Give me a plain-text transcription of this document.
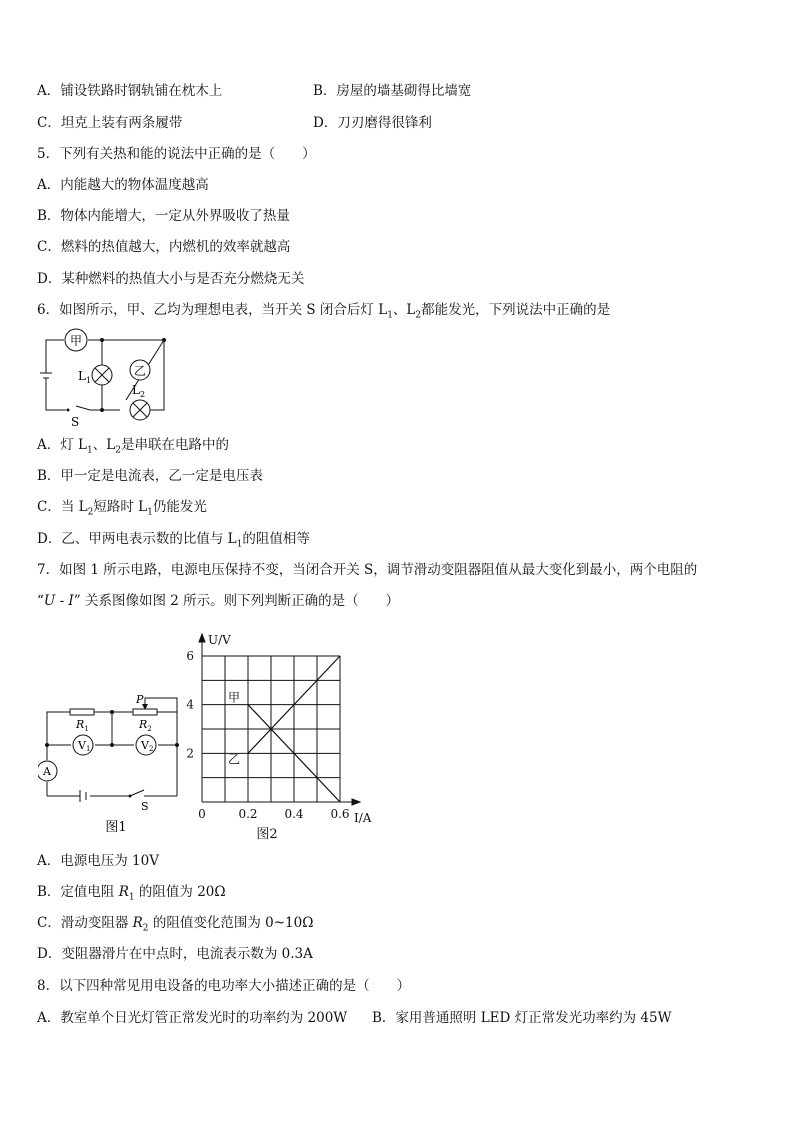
A．铺设铁路时钢轨铺在枕木上	B．房屋的墙基砌得比墙宽
C．坦克上装有两条履带	D．刀刃磨得很锋利
5．下列有关热和能的说法中正确的是（　　）
A．内能越大的物体温度越高
B．物体内能增大，一定从外界吸收了热量
C．燃料的热值越大，内燃机的效率就越高
D．某种燃料的热值大小与是否充分燃烧无关
6．如图所示，甲、乙均为理想电表，当开关 S 闭合后灯 $L_1$、$L_2$都能发光，下列说法中正确的是
甲
$L_1$
乙
$L_2$
S
A．灯 $L_1$、$L_2$是串联在电路中的
B．甲一定是电流表，乙一定是电压表
C．当 $L_2$短路时 $L_1$仍能发光
D．乙、甲两电表示数的比值与 $L_1$的阻值相等
7．如图 1 所示电路，电源电压保持不变，当闭合开关 S，调节滑动变阻器阻值从最大变化到最小，两个电阻的
“U - I” 关系图像如图 2 所示。则下列判断正确的是（　　）
P
$R_1$	$R_2$
V1	V2
A
S
图1
0	0.2 0.4 0.6
2
4
6
I/A
U/V
甲
乙
图2
A．电源电压为 10V
B．定值电阻 $R_1$ 的阻值为 20Ω
C．滑动变阻器 $R_2$ 的阻值变化范围为 0~10Ω
D．变阻器滑片在中点时，电流表示数为 0.3A
8．以下四种常见用电设备的电功率大小描述正确的是（　　）
A．教室单个日光灯管正常发光时的功率约为 200W B．家用普通照明 LED 灯正常发光功率约为 45W
